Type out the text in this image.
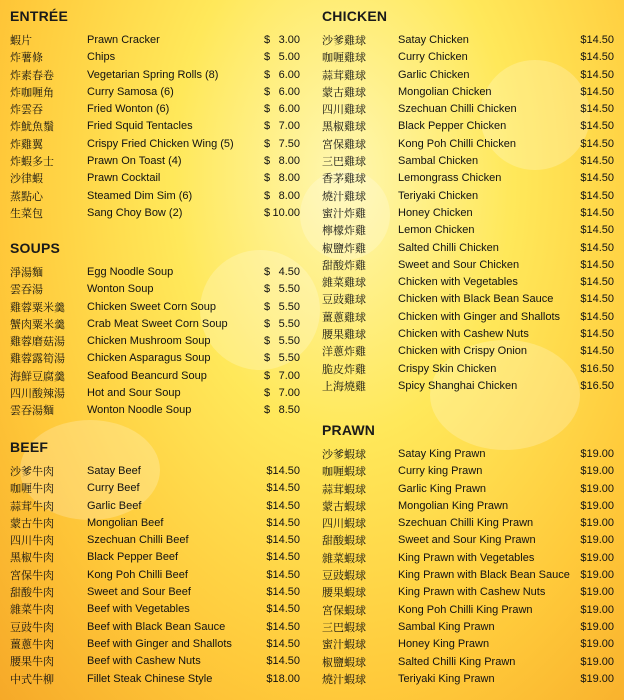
ENTRÉE
蝦片	Prawn Cracker	$ 3.00
炸薯條	Chips	$ 5.00
炸素春卷	Vegetarian Spring Rolls (8)	$ 6.00
炸咖喱角	Curry Samosa (6)	$ 6.00
炸雲吞	Fried Wonton (6)	$ 6.00
炸魷魚鬚	Fried Squid Tentacles	$ 7.00
炸雞翼	Crispy Fried Chicken Wing (5)	$ 7.50
炸蝦多士	Prawn On Toast (4)	$ 8.00
沙律蝦	Prawn Cocktail	$ 8.00
蒸點心	Steamed Dim Sim (6)	$ 8.00
生菜包	Sang Choy Bow (2)	$ 10.00
SOUPS
淨湯麵	Egg Noodle Soup	$ 4.50
雲吞湯	Wonton Soup	$ 5.50
雞蓉粟米羹 Chicken Sweet Corn Soup	$ 5.50
蟹肉粟米羹 Crab Meat Sweet Corn Soup	$ 5.50
雞蓉磨菇湯 Chicken Mushroom Soup	$ 5.50
雞蓉露筍湯 Chicken Asparagus Soup	$ 5.50
海鮮豆腐羹 Seafood Beancurd Soup	$ 7.00
四川酸辣湯 Hot and Sour Soup	$ 7.00
雲吞湯麵	Wonton Noodle Soup	$ 8.50
BEEF
沙爹牛肉	Satay Beef	$14.50
咖喱牛肉	Curry Beef	$14.50
蒜茸牛肉	Garlic Beef	$14.50
蒙古牛肉	Mongolian Beef	$14.50
四川牛肉	Szechuan Chilli Beef	$14.50
黑椒牛肉	Black Pepper Beef	$14.50
宮保牛肉	Kong Poh Chilli Beef	$14.50
甜酸牛肉	Sweet and Sour Beef	$14.50
雜菜牛肉	Beef with Vegetables	$14.50
豆豉牛肉	Beef with Black Bean Sauce	$14.50
薑蔥牛肉	Beef with Ginger and Shallots	$14.50
腰果牛肉	Beef with Cashew Nuts	$14.50
中式牛柳	Fillet Steak Chinese Style	$18.00
CHICKEN
沙爹雞球	Satay Chicken	$14.50
咖喱雞球	Curry Chicken	$14.50
蒜茸雞球	Garlic Chicken	$14.50
蒙古雞球	Mongolian Chicken	$14.50
四川雞球	Szechuan Chilli Chicken	$14.50
黑椒雞球	Black Pepper Chicken	$14.50
宮保雞球	Kong Poh Chilli Chicken	$14.50
三巴雞球	Sambal Chicken	$14.50
香茅雞球	Lemongrass Chicken	$14.50
燒汁雞球	Teriyaki Chicken	$14.50
蜜汁炸雞	Honey Chicken	$14.50
檸檬炸雞	Lemon Chicken	$14.50
椒鹽炸雞	Salted Chilli Chicken	$14.50
甜酸炸雞	Sweet and Sour Chicken	$14.50
雜菜雞球	Chicken with Vegetables	$14.50
豆豉雞球	Chicken with Black Bean Sauce $14.50
薑蔥雞球	Chicken with Ginger and Shallots $14.50
腰果雞球	Chicken with Cashew Nuts	$14.50
洋蔥炸雞	Chicken with Crispy Onion	$14.50
脆皮炸雞	Crispy Skin Chicken	$16.50
上海燒雞	Spicy Shanghai Chicken	$16.50
PRAWN
沙爹蝦球	Satay King Prawn	$19.00
咖喱蝦球	Curry king Prawn	$19.00
蒜茸蝦球	Garlic King Prawn	$19.00
蒙古蝦球	Mongolian King Prawn	$19.00
四川蝦球	Szechuan Chilli King Prawn	$19.00
甜酸蝦球	Sweet and Sour King Prawn	$19.00
雜菜蝦球	King Prawn with Vegetables	$19.00
豆豉蝦球	King Prawn with Black Bean Sauce $19.00
腰果蝦球	King Prawn with Cashew Nuts	$19.00
宮保蝦球	Kong Poh Chilli King Prawn	$19.00
三巴蝦球	Sambal King Prawn	$19.00
蜜汁蝦球	Honey King Prawn	$19.00
椒鹽蝦球	Salted Chilli King Prawn	$19.00
燒汁蝦球	Teriyaki King Prawn	$19.00
